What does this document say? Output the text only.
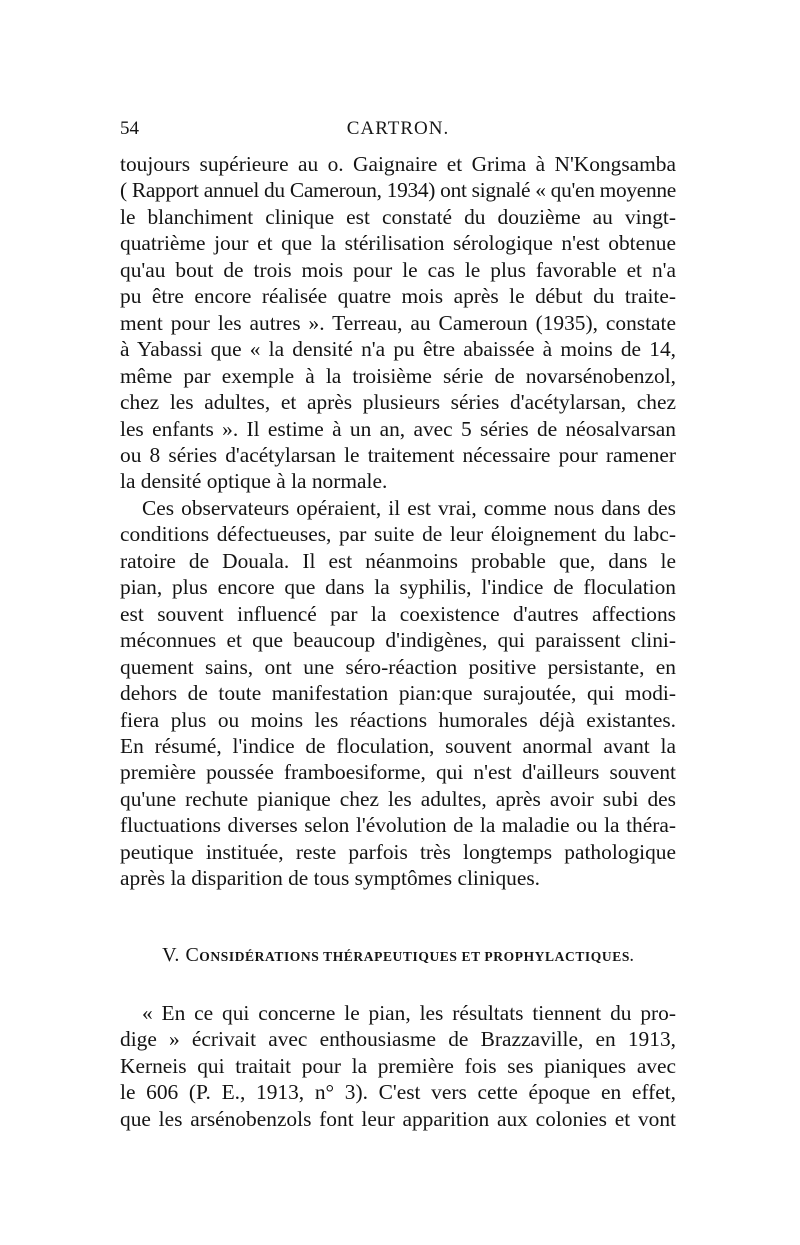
54	CARTRON.
toujours supérieure au o. Gaignaire et Grima à N'Kongsamba
( Rapport annuel du Cameroun, 1934) ont signalé « qu'en moyenne
le blanchiment clinique est constaté du douzième au vingt-
quatrième jour et que la stérilisation sérologique n'est obtenue
qu'au bout de trois mois pour le cas le plus favorable et n'a
pu être encore réalisée quatre mois après le début du traite-
ment pour les autres ». Terreau, au Cameroun (1935), constate
à Yabassi que « la densité n'a pu être abaissée à moins de 14,
même par exemple à la troisième série de novarsénobenzol,
chez les adultes, et après plusieurs séries d'acétylarsan, chez
les enfants ». Il estime à un an, avec 5 séries de néosalvarsan
ou 8 séries d'acétylarsan le traitement nécessaire pour ramener
la densité optique à la normale.
Ces observateurs opéraient, il est vrai, comme nous dans des
conditions défectueuses, par suite de leur éloignement du labc-
ratoire de Douala. Il est néanmoins probable que, dans le
pian, plus encore que dans la syphilis, l'indice de floculation
est souvent influencé par la coexistence d'autres affections
méconnues et que beaucoup d'indigènes, qui paraissent clini-
quement sains, ont une séro-réaction positive persistante, en
dehors de toute manifestation pian:que surajoutée, qui modi-
fiera plus ou moins les réactions humorales déjà existantes.
En résumé, l'indice de floculation, souvent anormal avant la
première poussée framboesiforme, qui n'est d'ailleurs souvent
qu'une rechute pianique chez les adultes, après avoir subi des
fluctuations diverses selon l'évolution de la maladie ou la théra-
peutique instituée, reste parfois très longtemps pathologique
après la disparition de tous symptômes cliniques.
V. CONSIDÉRATIONS THÉRAPEUTIQUES ET PROPHYLACTIQUES.
« En ce qui concerne le pian, les résultats tiennent du pro-
dige » écrivait avec enthousiasme de Brazzaville, en 1913,
Kerneis qui traitait pour la première fois ses pianiques avec
le 606 (P. E., 1913, n° 3). C'est vers cette époque en effet,
que les arsénobenzols font leur apparition aux colonies et vont
